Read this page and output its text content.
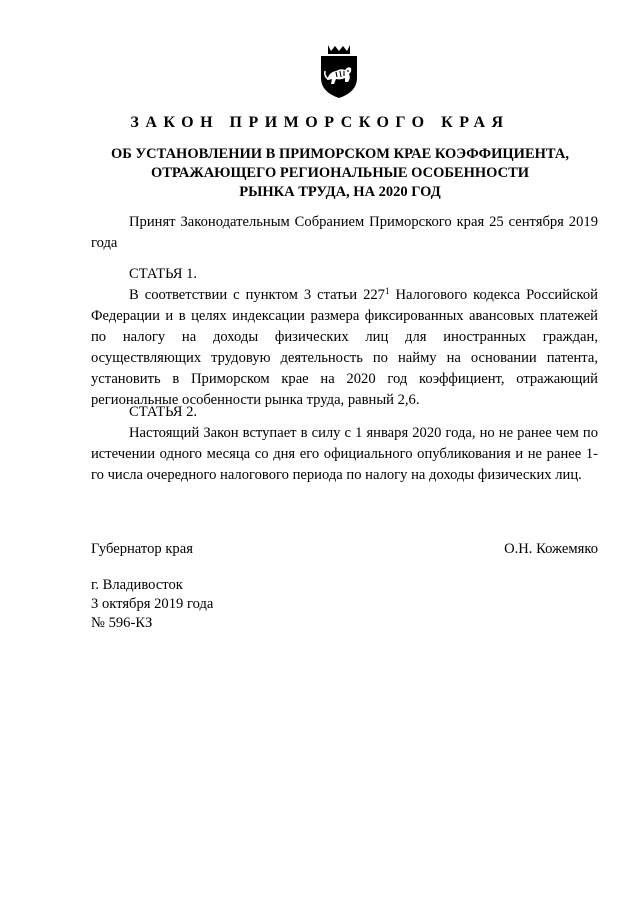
ЗАКОН ПРИМОРСКОГО КРАЯ
ОБ УСТАНОВЛЕНИИ В ПРИМОРСКОМ КРАЕ КОЭФФИЦИЕНТА,
ОТРАЖАЮЩЕГО РЕГИОНАЛЬНЫЕ ОСОБЕННОСТИ
РЫНКА ТРУДА, НА 2020 ГОД
Принят Законодательным Собранием Приморского края 25 сентября 2019 года
СТАТЬЯ 1.
В соответствии с пунктом 3 статьи $227^1$ Налогового кодекса Российской Федерации и в целях индексации размера фиксированных авансовых платежей по налогу на доходы физических лиц для иностранных граждан, осуществляющих трудовую деятельность по найму на основании патента, установить в Приморском крае на 2020 год коэффициент, отражающий региональные особенности рынка труда, равный 2,6.
СТАТЬЯ 2.
Настоящий Закон вступает в силу с 1 января 2020 года, но не ранее чем по истечении одного месяца со дня его официального опубликования и не ранее 1-го числа очередного налогового периода по налогу на доходы физических лиц.
Губернатор края	О.Н. Кожемяко
г. Владивосток
3 октября 2019 года
№ 596-КЗ
